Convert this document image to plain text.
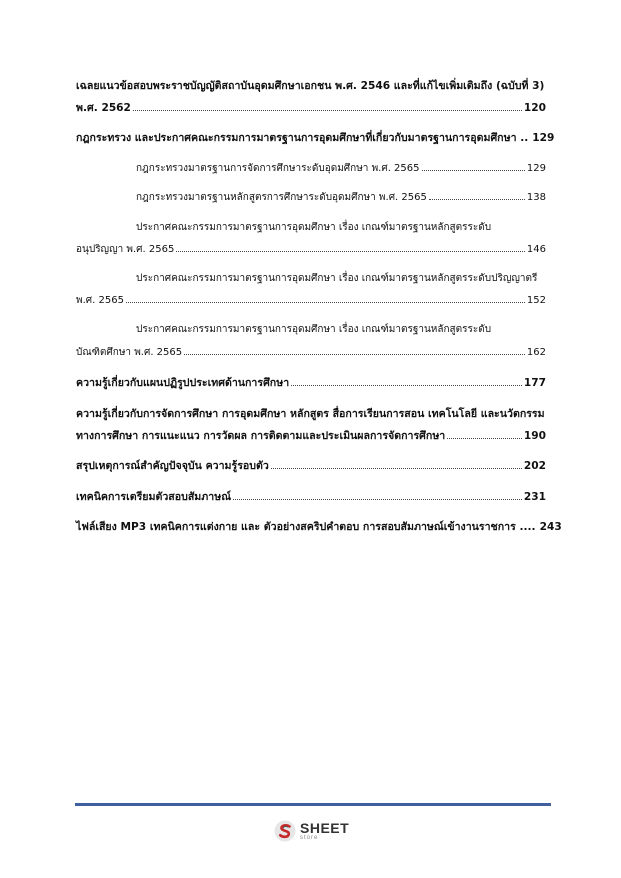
เฉลยแนวข้อสอบพระราชบัญญัติสถาบันอุดมศึกษาเอกชน พ.ศ. 2546 และที่แก้ไขเพิ่มเติมถึง (ฉบับที่ 3)
พ.ศ. 2562	120
กฎกระทรวง และประกาศคณะกรรมการมาตรฐานการอุดมศึกษาที่เกี่ยวกับมาตรฐานการอุดมศึกษา .. 129
กฎกระทรวงมาตรฐานการจัดการศึกษาระดับอุดมศึกษา พ.ศ. 2565	129
กฎกระทรวงมาตรฐานหลักสูตรการศึกษาระดับอุดมศึกษา พ.ศ. 2565	138
ประกาศคณะกรรมการมาตรฐานการอุดมศึกษา เรื่อง เกณฑ์มาตรฐานหลักสูตรระดับ
อนุปริญญา พ.ศ. 2565	146
ประกาศคณะกรรมการมาตรฐานการอุดมศึกษา เรื่อง เกณฑ์มาตรฐานหลักสูตรระดับปริญญาตรี
พ.ศ. 2565	152
ประกาศคณะกรรมการมาตรฐานการอุดมศึกษา เรื่อง เกณฑ์มาตรฐานหลักสูตรระดับ
บัณฑิตศึกษา พ.ศ. 2565	162
ความรู้เกี่ยวกับแผนปฏิรูปประเทศด้านการศึกษา	177
ความรู้เกี่ยวกับการจัดการศึกษา การอุดมศึกษา หลักสูตร สื่อการเรียนการสอน เทคโนโลยี และนวัตกรรม
ทางการศึกษา การแนะแนว การวัดผล การติดตามและประเมินผลการจัดการศึกษา	190
สรุปเหตุการณ์สำคัญปัจจุบัน ความรู้รอบตัว	202
เทคนิคการเตรียมตัวสอบสัมภาษณ์	231
ไฟล์เสียง MP3 เทคนิคการแต่งกาย และ ตัวอย่างสคริปคำตอบ การสอบสัมภาษณ์เข้างานราชการ .... 243
SHEET
store
